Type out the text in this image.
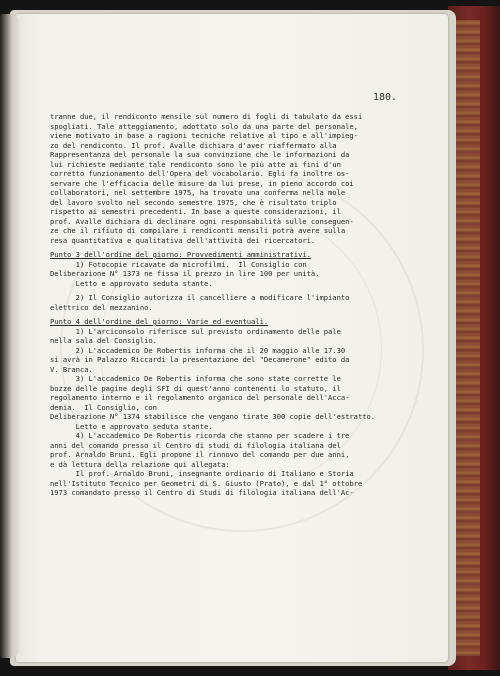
180.
tranne due, il rendiconto mensile sul numero di fogli di tabulato da essi
spogliati. Tale atteggiamento, adottato solo da una parte del personale,
viene motivato in base a ragioni tecniche relative al tipo e all'impieg-
zo del rendiconto. Il prof. Avalle dichiara d'aver riaffermato alla
Rappresentanza del personale la sua convinzione che le informazioni da
lui richieste mediante tale rendiconto sono le più atte ai fini d'un
corretto funzionamento dell'Opera del vocabolario. Egli fa inoltre os-
servare che l'efficacia delle misure da lui prese, in pieno accordo coi
collaboratori, nel settembre 1975, ha trovato una conferma nella mole
del lavoro svolto nel secondo semestre 1975, che è risultato triplo
rispetto ai semestri precedenti. In base a queste considerazioni, il
prof. Avalle dichiara di declinare ogni responsabilità sulle conseguen-
ze che il rifiuto di compilare i rendiconti mensili potrà avere sulla
resa quantitativa e qualitativa dell'attività dei ricercatori.
Punto 3 dell'ordine del giorno: Provvedimenti amministrativi.
1) Fotocopie ricavate da microfilmi.  Il Consiglio con
Deliberazione N° 1373 ne fissa il prezzo in lire 100 per unità.
Letto e approvato seduta stante.
2) Il Consiglio autorizza il cancelliere a modificare l'impianto
elettrico del mezzanino.
Punto 4 dell'ordine del giorno: Varie ed eventuali.
1) L'arciconsolo riferisce sul previsto ordinamento delle pale
nella sala del Consiglio.
2) L'accademico De Robertis informa che il 20 maggio alle 17.30
si avrà in Palazzo Riccardi la presentazione del "Decamerone" edito da
V. Branca.
3) L'accademico De Robertis informa che sono state corrette le
bozze delle pagine degli SFI di quest'anno contenenti lo statuto, il
regolamento interno e il regolamento organico del personale dell'Acca-
demia.  Il Consiglio, con
Deliberazione N° 1374 stabilisce che vengano tirate 300 copie dell'estratto.
Letto e approvato seduta stante.
4) L'accademico De Robertis ricorda che stanno per scadere i tre
anni del comando presso il Centro di studi di filologia italiana del
prof. Arnaldo Bruni. Egli propone il rinnovo del comando per due anni,
e dà lettura della relazione qui allegata:
Il prof. Arnaldo Bruni, insegnante ordinario di Italiano e Storia
nell'Istituto Tecnico per Geometri di S. Giusto (Prato), e dal 1° ottobre
1973 comandato presso il Centro di Studi di filologia italiana dell'Ac-
